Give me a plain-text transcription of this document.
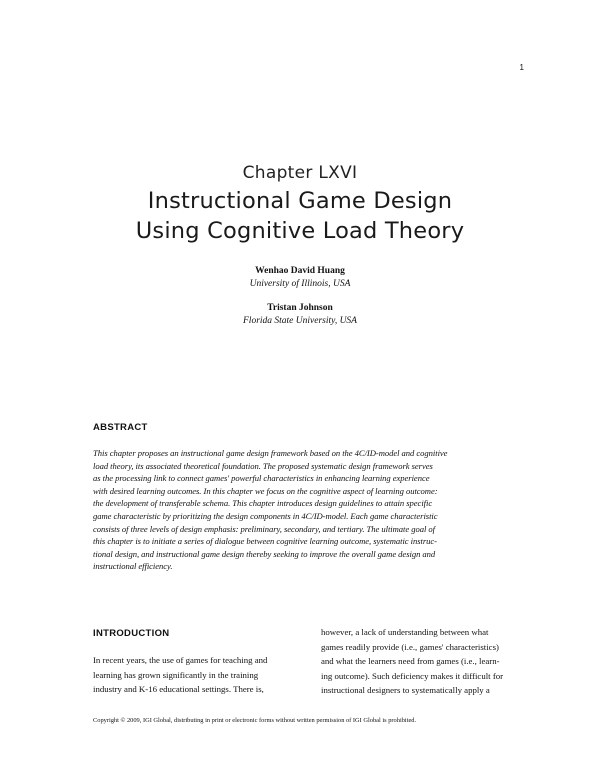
1
Chapter LXVI
Instructional Game Design
Using Cognitive Load Theory
Wenhao David Huang
University of Illinois, USA
Tristan Johnson
Florida State University, USA
ABSTRACT
This chapter proposes an instructional game design framework based on the 4C/ID-model and cognitive
load theory, its associated theoretical foundation. The proposed systematic design framework serves
as the processing link to connect games' powerful characteristics in enhancing learning experience
with desired learning outcomes. In this chapter we focus on the cognitive aspect of learning outcome:
the development of transferable schema. This chapter introduces design guidelines to attain specific
game characteristic by prioritizing the design components in 4C/ID-model. Each game characteristic
consists of three levels of design emphasis: preliminary, secondary, and tertiary. The ultimate goal of
this chapter is to initiate a series of dialogue between cognitive learning outcome, systematic instruc-
tional design, and instructional game design thereby seeking to improve the overall game design and
instructional efficiency.
INTRODUCTION
In recent years, the use of games for teaching and
learning has grown significantly in the training
industry and K-16 educational settings. There is,
however, a lack of understanding between what
games readily provide (i.e., games' characteristics)
and what the learners need from games (i.e., learn-
ing outcome). Such deficiency makes it difficult for
instructional designers to systematically apply a
Copyright © 2009, IGI Global, distributing in print or electronic forms without written permission of IGI Global is prohibited.
